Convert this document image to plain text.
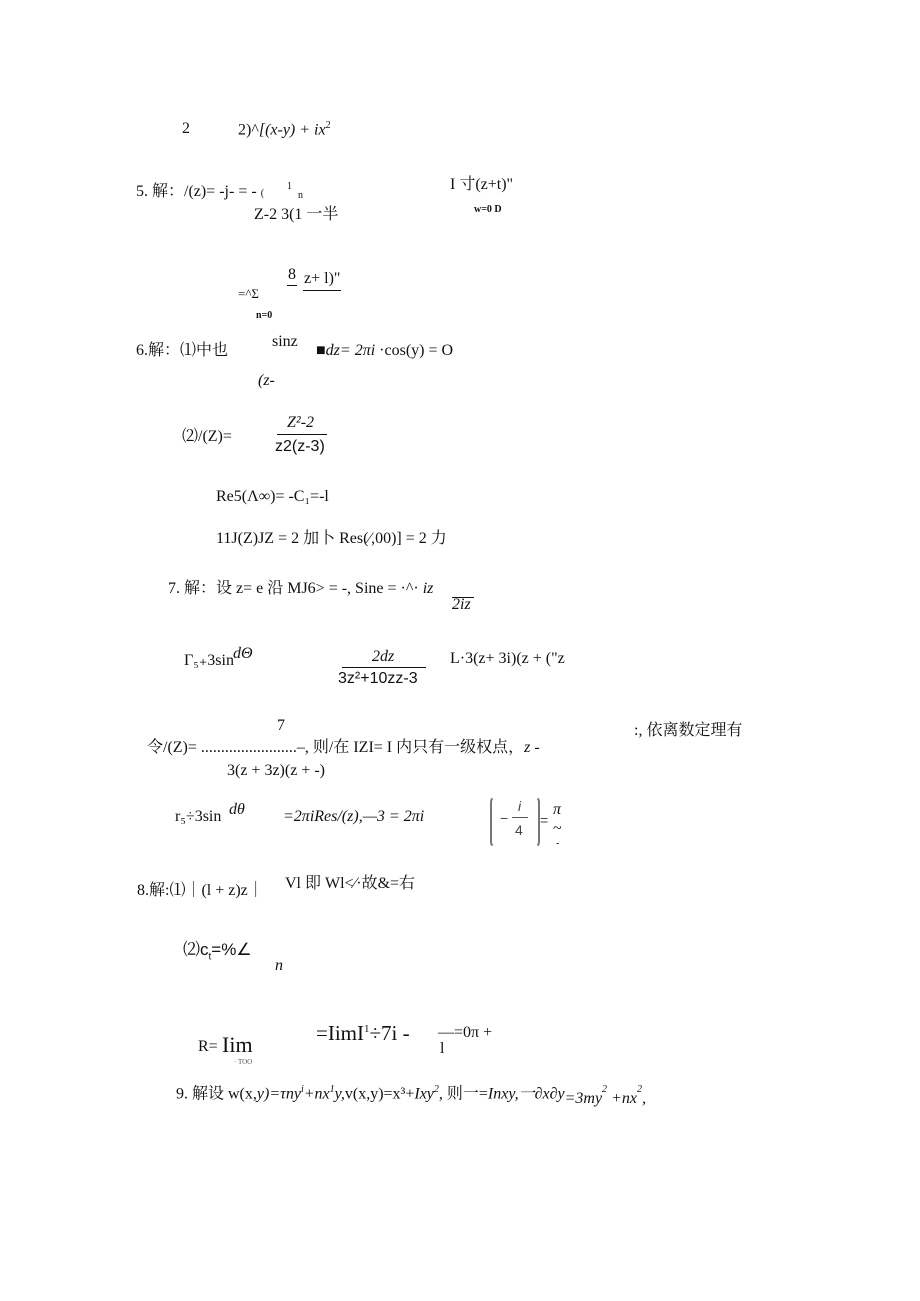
2	2)^[(x-y) + $ix^2$
5. 解：/(z)= -j- = - (
1
n
Z-2 3(1 一半
I 寸(z+t)"
w=0 D
=^Σ
8 z+ l)"
n=0
6.解：⑴中也
sinz
(z-
■dz= 2πi ·cos(y) = O
⑵/(Z)=
Z²-2
z2(z-3)
Re5(Λ∞)= -C₁=-l
11J(Z)JZ = 2 加卜 Res(⁄,00)] = 2 力
7. 解：设 z= e 沿 MJ6> = -, Sine = ·^· iz
2iz
Γ₅₊3sin dΘ	2dz
3z²+10zz-3
L·3(z+ 3i)(z + ("z
7
令/(Z)= ........................–, 则/在 IZI= I 内只有一级权点，z -
:, 依离数定理有
3(z + 3z)(z + -)
r₅÷3sin dθ =2πiRes/(z),—3 = 2πi	−
i
4
=
π
~
-
8.解:⑴｜(l + z)z｜ Vl 即 Wl<⁄·故&=右
$⑵c_t=\%\angle$
n
R= Iim
· TOO
=IimI$^1$÷7i - —=0π +
l
9. 解设 $w(x,y)=\tau ny^i+nx^1y,v(x,y)=x^3+Ixy^2$, 则一=Inxy,一$\partial x\partial y=3my^2 +nx^2$,
